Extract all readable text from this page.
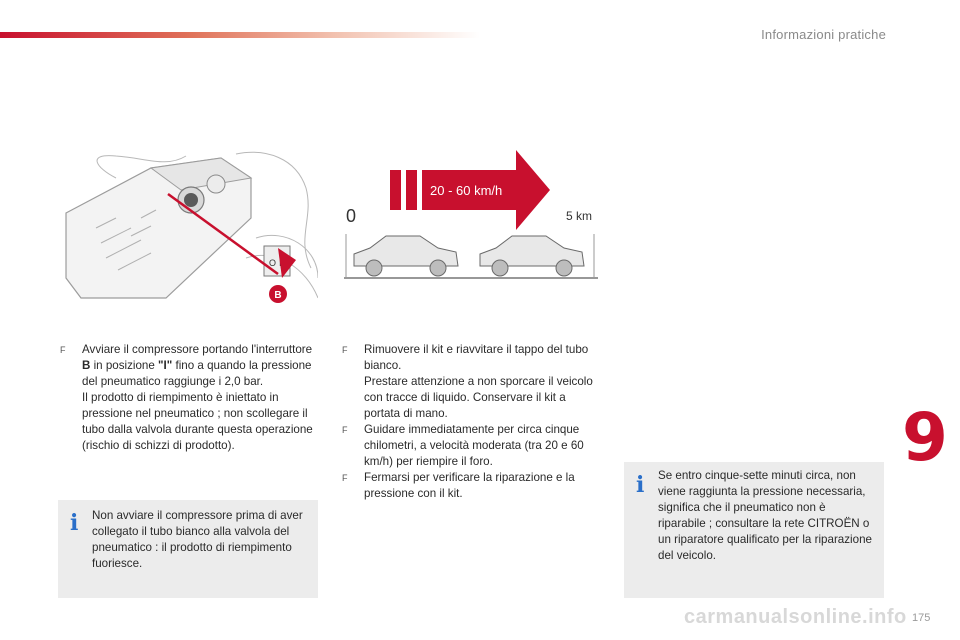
Informazioni pratiche
O
B
20 - 60 km/h
0	5 km
F Avviare il compressore portando l'interruttore B in posizione "I" fino a quando la pressione del pneumatico raggiunge i 2,0 bar.
Il prodotto di riempimento è iniettato in pressione nel pneumatico ; non scollegare il tubo dalla valvola durante questa operazione (rischio di schizzi di prodotto).
F Rimuovere il kit e riavvitare il tappo del tubo bianco.
Prestare attenzione a non sporcare il veicolo con tracce di liquido. Conservare il kit a portata di mano.
F Guidare immediatamente per circa cinque chilometri, a velocità moderata (tra 20 e 60 km/h) per riempire il foro.
F Fermarsi per verificare la riparazione e la pressione con il kit.
i Non avviare il compressore prima di aver collegato il tubo bianco alla valvola del pneumatico : il prodotto di riempimento fuoriesce.
i Se entro cinque-sette minuti circa, non viene raggiunta la pressione necessaria, significa che il pneumatico non è riparabile ; consultare la rete CITROËN o un riparatore qualificato per la riparazione del veicolo.
9
carmanualsonline.info 175
